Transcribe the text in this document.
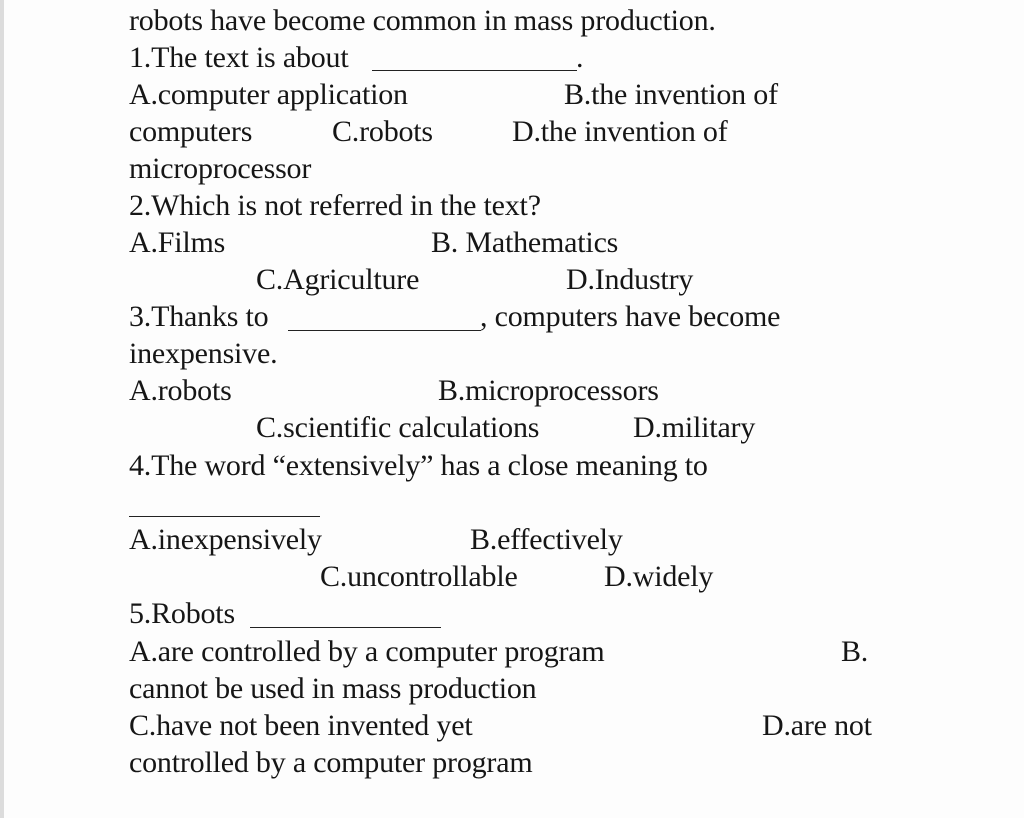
robots have become common in mass production.
1.The text is about	.
A.computer application	B.the invention of
computers	C.robots	D.the invention of
microprocessor
2.Which is not referred in the text?
A.Films	B. Mathematics
C.Agriculture	D.Industry
3.Thanks to	, computers have become
inexpensive.
A.robots	B.microprocessors
C.scientific calculations	D.military
4.The word “extensively” has a close meaning to
A.inexpensively	B.effectively
C.uncontrollable	D.widely
5.Robots
A.are controlled by a computer program	B.
cannot be used in mass production
C.have not been invented yet	D.are not
controlled by a computer program
